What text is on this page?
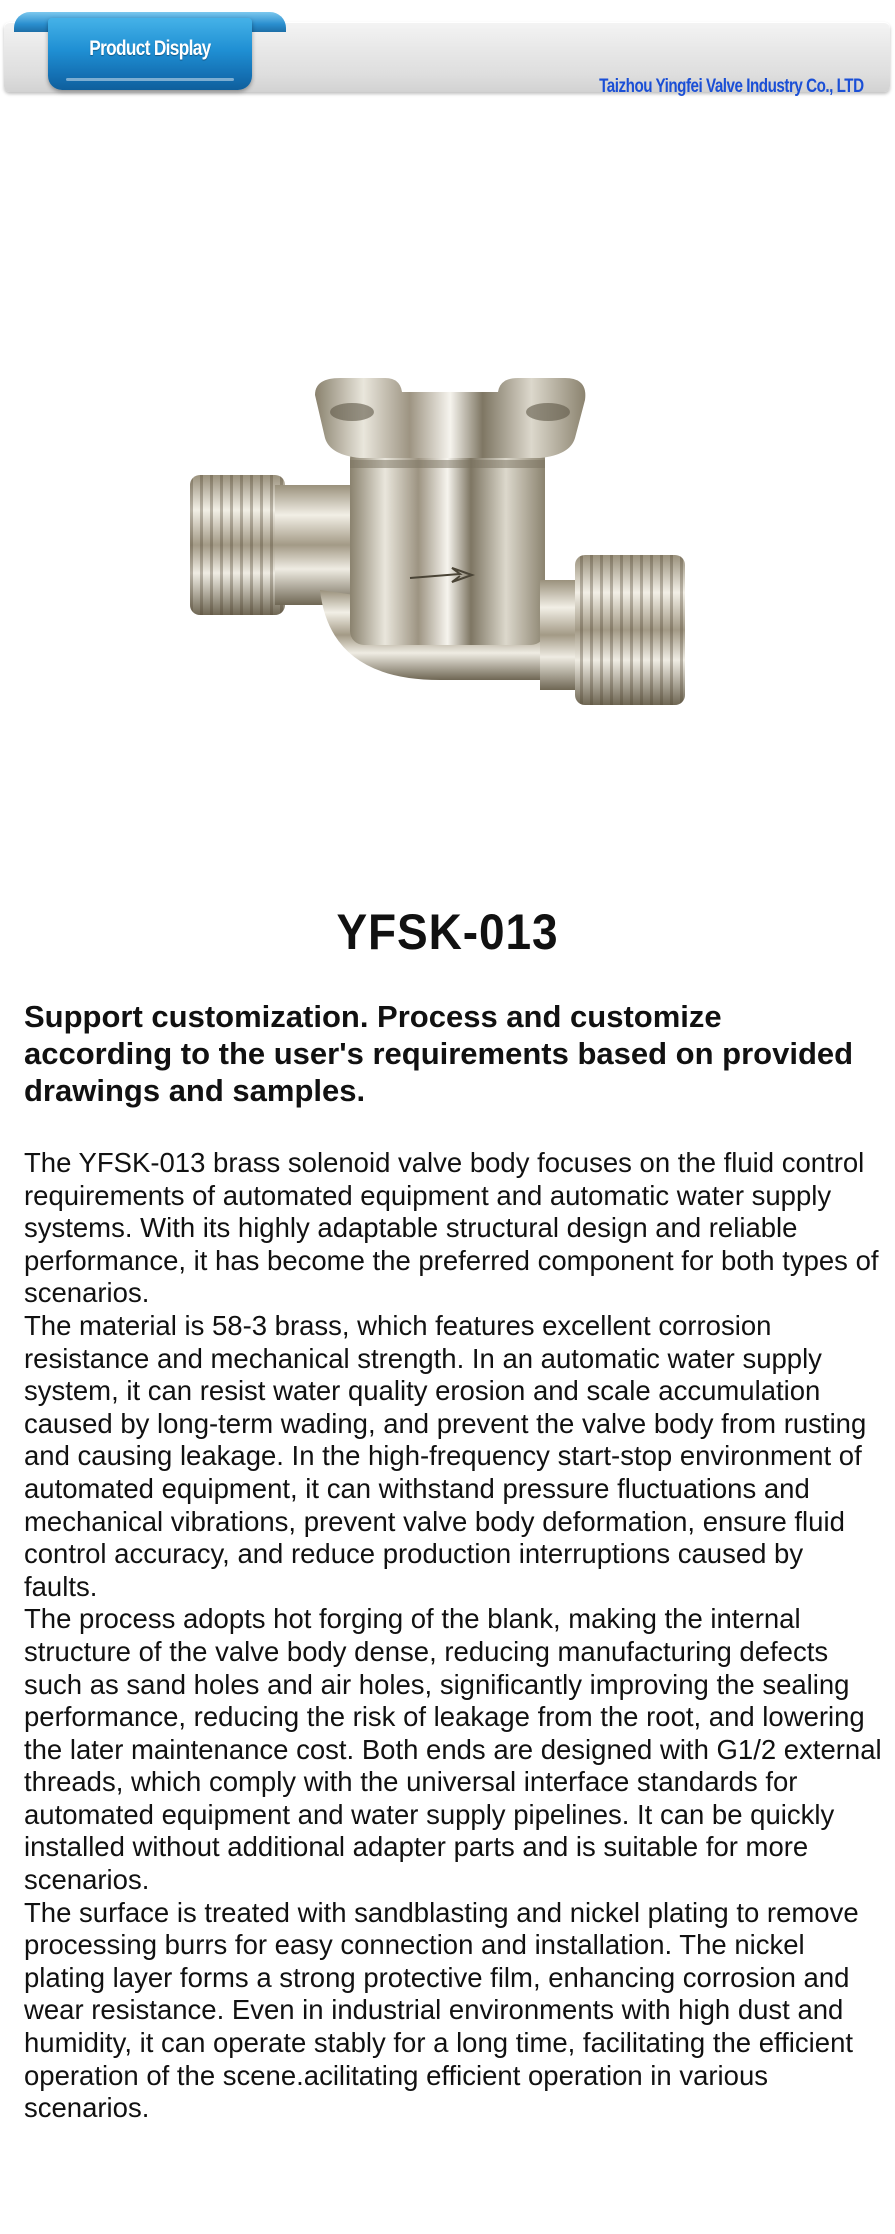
Taizhou Yingfei Valve Industry Co., LTD
Product Display
YFSK-013
Support customization. Process and customize according to the user's requirements based on provided drawings and samples.

The YFSK-013 brass solenoid valve body focuses on the fluid control requirements of automated equipment and automatic water supply systems. With its highly adaptable structural design and reliable performance, it has become the preferred component for both types of scenarios.

The material is 58-3 brass, which features excellent corrosion resistance and mechanical strength. In an automatic water supply system, it can resist water quality erosion and scale accumulation caused by long-term wading, and prevent the valve body from rusting and causing leakage. In the high-frequency start-stop environment of automated equipment, it can withstand pressure fluctuations and mechanical vibrations, prevent valve body deformation, ensure fluid control accuracy, and reduce production interruptions caused by faults.

The process adopts hot forging of the blank, making the internal structure of the valve body dense, reducing manufacturing defects such as sand holes and air holes, significantly improving the sealing performance, reducing the risk of leakage from the root, and lowering the later maintenance cost. Both ends are designed with G1/2 external threads, which comply with the universal interface standards for automated equipment and water supply pipelines. It can be quickly installed without additional adapter parts and is suitable for more scenarios.

The surface is treated with sandblasting and nickel plating to remove processing burrs for easy connection and installation. The nickel plating layer forms a strong protective film, enhancing corrosion and wear resistance. Even in industrial environments with high dust and humidity, it can operate stably for a long time, facilitating the efficient operation of the scene.acilitating efficient operation in various scenarios.
